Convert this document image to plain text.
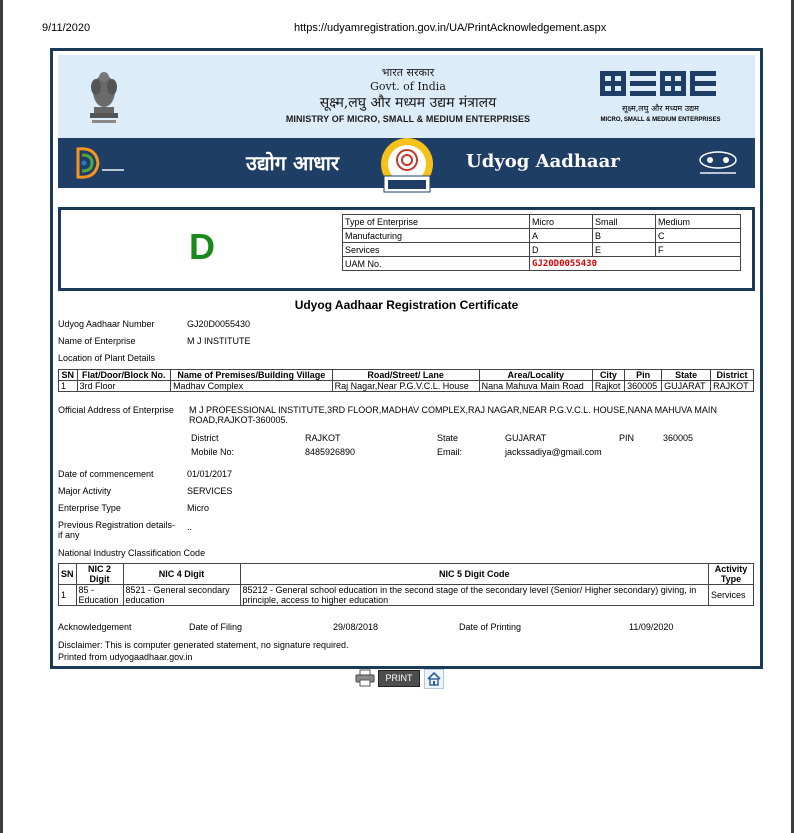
9/11/2020	https://udyamregistration.gov.in/UA/PrintAcknowledgement.aspx
भारत सरकार
Govt. of India
सूक्ष्म,लघु और मध्यम उद्यम मंत्रालय
MINISTRY OF MICRO, SMALL & MEDIUM ENTERPRISES
सूक्ष्म,लघु और मध्यम उद्यम
MICRO, SMALL & MEDIUM ENTERPRISES
उद्योग आधार	Udyog Aadhaar
D
Type of Enterprise	Micro	Small	Medium
Manufacturing	A	B	C
Services	D	E	F
UAM No.	GJ20D0055430		
Udyog Aadhaar Registration Certificate
Udyog Aadhaar Number	GJ20D0055430
Name of Enterprise	M J INSTITUTE
Location of Plant Details
SN	Flat/Door/Block No.	Name of Premises/Building Village	Road/Street/ Lane	Area/Locality	City	Pin	State	District
1	3rd Floor	Madhav Complex	Raj Nagar,Near P.G.V.C.L. House	Nana Mahuva Main Road	Rajkot	360005	GUJARAT	RAJKOT
Official Address of Enterprise M J PROFESSIONAL INSTITUTE,3RD FLOOR,MADHAV COMPLEX,RAJ NAGAR,NEAR P.G.V.C.L. HOUSE,NANA MAHUVA MAIN
ROAD,RAJKOT-360005.
District	RAJKOT	State	GUJARAT	PIN	360005
Mobile No:	8485926890	Email:	jackssadiya@gmail.com
Date of commencement	01/01/2017
Major Activity	SERVICES
Enterprise Type	Micro
Previous Registration details-
if any
..
National Industry Classification Code
SN	NIC 2 Digit	NIC 4 Digit	NIC 5 Digit Code	Activity Type
1	85 - Education	8521 - General secondary education	85212 - General school education in the second stage of the secondary level (Senior/ Higher secondary) giving, in principle, access to higher education	Services
Acknowledgement	Date of Filing	29/08/2018	Date of Printing	11/09/2020
Disclaimer: This is computer generated statement, no signature required.
Printed from udyogaadhaar.gov.in
PRINT
